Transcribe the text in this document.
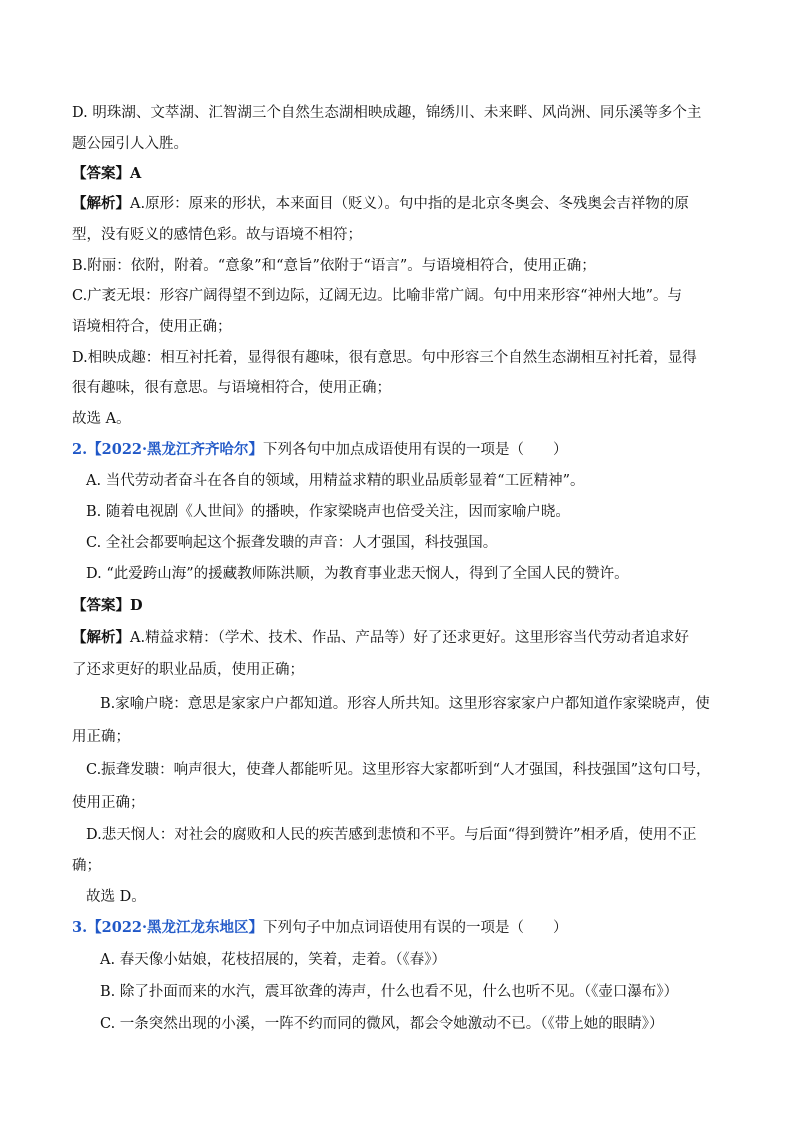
D. 明珠湖、文萃湖、汇智湖三个自然生态湖相映成趣，锦绣川、未来畔、风尚洲、同乐溪等多个主
题公园引人入胜。
【答案】A
【解析】A.原形：原来的形状，本来面目（贬义）。句中指的是北京冬奥会、冬残奥会吉祥物的原
型，没有贬义的感情色彩。故与语境不相符；
B.附丽：依附，附着。“意象”和“意旨”依附于“语言”。与语境相符合，使用正确；
C.广袤无垠：形容广阔得望不到边际，辽阔无边。比喻非常广阔。句中用来形容“神州大地”。与
语境相符合，使用正确；
D.相映成趣：相互衬托着，显得很有趣味，很有意思。句中形容三个自然生态湖相互衬托着，显得
很有趣味，很有意思。与语境相符合，使用正确；
故选 A。
2.【2022·黑龙江齐齐哈尔】下列各句中加点成语使用有误的一项是（　　）
A. 当代劳动者奋斗在各自的领域，用精益求精的职业品质彰显着“工匠精神”。
B. 随着电视剧《人世间》的播映，作家梁晓声也倍受关注，因而家喻户晓。
C. 全社会都要响起这个振聋发聩的声音：人才强国，科技强国。
D. “此爱跨山海”的援藏教师陈洪顺，为教育事业悲天悯人，得到了全国人民的赞许。
【答案】D
【解析】A.精益求精：（学术、技术、作品、产品等）好了还求更好。这里形容当代劳动者追求好
了还求更好的职业品质，使用正确；
B.家喻户晓：意思是家家户户都知道。形容人所共知。这里形容家家户户都知道作家梁晓声，使
用正确；
C.振聋发聩：响声很大，使聋人都能听见。这里形容大家都听到“人才强国，科技强国”这句口号，
使用正确；
D.悲天悯人：对社会的腐败和人民的疾苦感到悲愤和不平。与后面“得到赞许”相矛盾，使用不正
确；
故选 D。
3.【2022·黑龙江龙东地区】下列句子中加点词语使用有误的一项是（　　）
A. 春天像小姑娘，花枝招展的，笑着，走着。（《春》）
B. 除了扑面而来的水汽，震耳欲聋的涛声，什么也看不见，什么也听不见。（《壶口瀑布》）
C. 一条突然出现的小溪，一阵不约而同的微风，都会令她激动不已。（《带上她的眼睛》）
